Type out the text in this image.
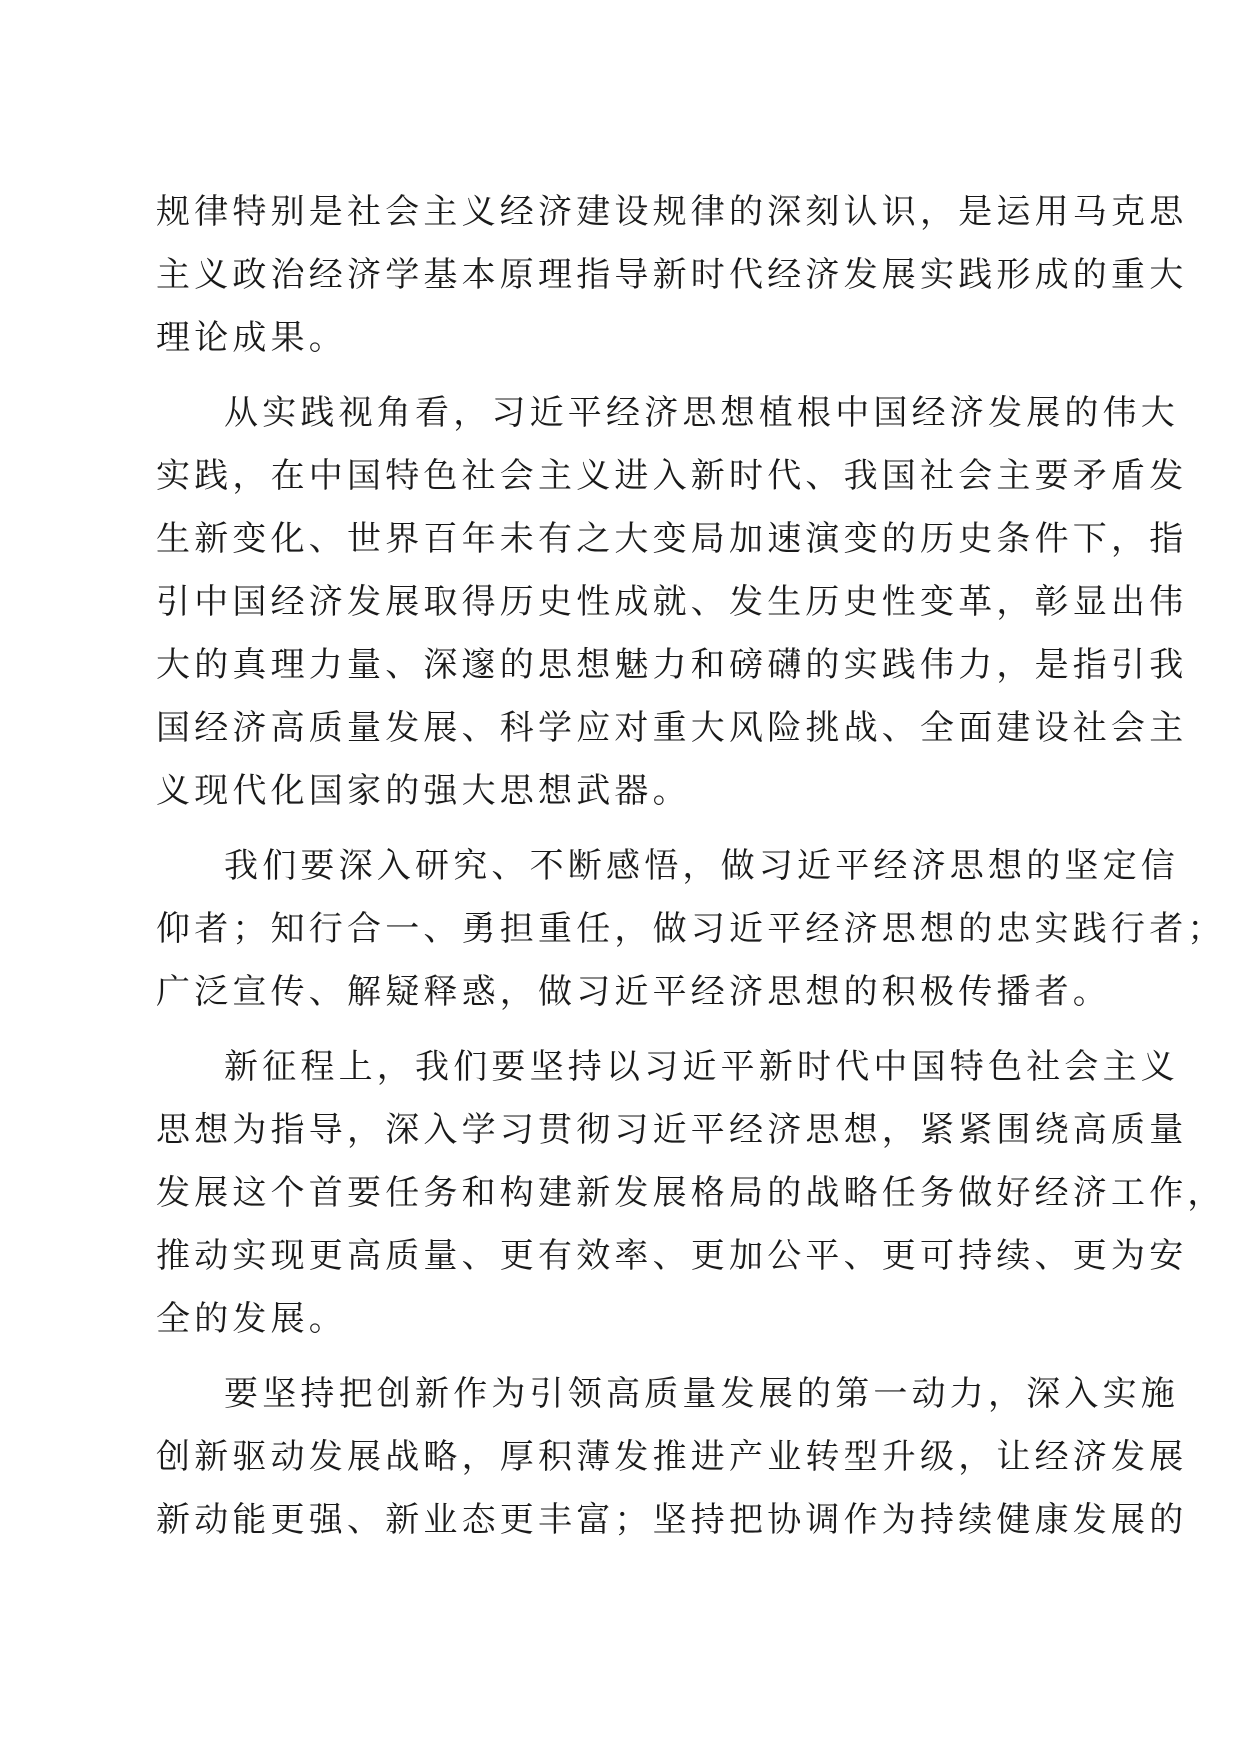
规律特别是社会主义经济建设规律的深刻认识，是运用马克思
主义政治经济学基本原理指导新时代经济发展实践形成的重大
理论成果。
从实践视角看，习近平经济思想植根中国经济发展的伟大
实践，在中国特色社会主义进入新时代、我国社会主要矛盾发
生新变化、世界百年未有之大变局加速演变的历史条件下，指
引中国经济发展取得历史性成就、发生历史性变革，彰显出伟
大的真理力量、深邃的思想魅力和磅礴的实践伟力，是指引我
国经济高质量发展、科学应对重大风险挑战、全面建设社会主
义现代化国家的强大思想武器。
我们要深入研究、不断感悟，做习近平经济思想的坚定信
仰者；知行合一、勇担重任，做习近平经济思想的忠实践行者；
广泛宣传、解疑释惑，做习近平经济思想的积极传播者。
新征程上，我们要坚持以习近平新时代中国特色社会主义
思想为指导，深入学习贯彻习近平经济思想，紧紧围绕高质量
发展这个首要任务和构建新发展格局的战略任务做好经济工作，
推动实现更高质量、更有效率、更加公平、更可持续、更为安
全的发展。
要坚持把创新作为引领高质量发展的第一动力，深入实施
创新驱动发展战略，厚积薄发推进产业转型升级，让经济发展
新动能更强、新业态更丰富；坚持把协调作为持续健康发展的
